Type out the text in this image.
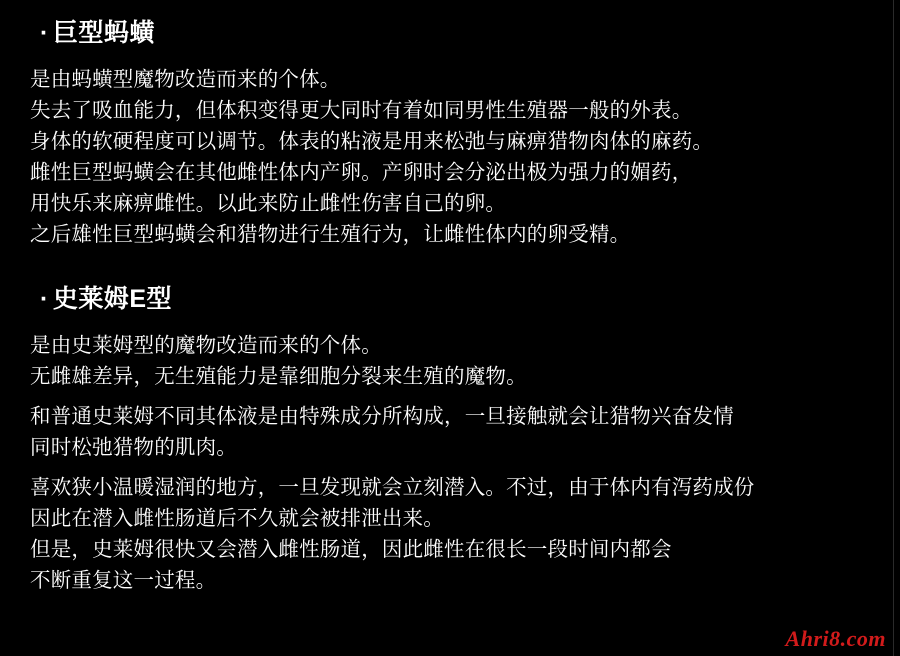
· 巨型蚂蟥
是由蚂蟥型魔物改造而来的个体。
失去了吸血能力，但体积变得更大同时有着如同男性生殖器一般的外表。
身体的软硬程度可以调节。体表的粘液是用来松弛与麻痹猎物肉体的麻药。
雌性巨型蚂蟥会在其他雌性体内产卵。产卵时会分泌出极为强力的媚药，
用快乐来麻痹雌性。以此来防止雌性伤害自己的卵。
之后雄性巨型蚂蟥会和猎物进行生殖行为，让雌性体内的卵受精。
· 史莱姆E型
是由史莱姆型的魔物改造而来的个体。
无雌雄差异，无生殖能力是靠细胞分裂来生殖的魔物。
和普通史莱姆不同其体液是由特殊成分所构成，一旦接触就会让猎物兴奋发情
同时松弛猎物的肌肉。
喜欢狭小温暖湿润的地方，一旦发现就会立刻潜入。不过，由于体内有泻药成份
因此在潜入雌性肠道后不久就会被排泄出来。
但是，史莱姆很快又会潜入雌性肠道，因此雌性在很长一段时间内都会
不断重复这一过程。
Ahri8.com
